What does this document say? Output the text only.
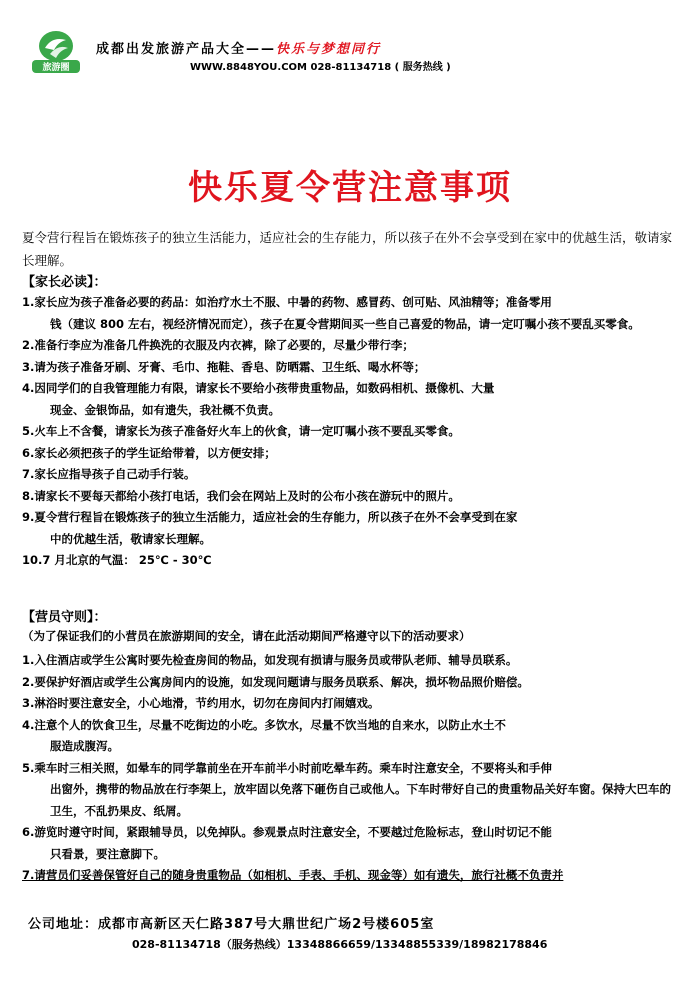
旅游圈
成都出发旅游产品大全——快乐与梦想同行
WWW.8848YOU.COM 028-81134718 ( 服务热线 )
快乐夏令营注意事项
夏令营行程旨在锻炼孩子的独立生活能力，适应社会的生存能力，所以孩子在外不会享受到在家中的优越生活，敬请家长理解。
【家长必读】：
1.家长应为孩子准备必要的药品：如治疗水土不服、中暑的药物、感冒药、创可贴、风油精等；准备零用
钱（建议 800 左右，视经济情况而定），孩子在夏令营期间买一些自己喜爱的物品，请一定叮嘱小孩不要乱买零食。
2.准备行李应为准备几件换洗的衣服及内衣裤，除了必要的，尽量少带行李；
3.请为孩子准备牙刷、牙膏、毛巾、拖鞋、香皂、防晒霜、卫生纸、喝水杯等；
4.因同学们的自我管理能力有限，请家长不要给小孩带贵重物品，如数码相机、摄像机、大量
现金、金银饰品，如有遗失，我社概不负责。
5.火车上不含餐，请家长为孩子准备好火车上的伙食，请一定叮嘱小孩不要乱买零食。
6.家长必须把孩子的学生证给带着，以方便安排；
7.家长应指导孩子自己动手行装。
8.请家长不要每天都给小孩打电话，我们会在网站上及时的公布小孩在游玩中的照片。
9.夏令营行程旨在锻炼孩子的独立生活能力，适应社会的生存能力，所以孩子在外不会享受到在家
中的优越生活，敬请家长理解。
10.7 月北京的气温： 25℃ - 30℃
【营员守则】：
（为了保证我们的小营员在旅游期间的安全，请在此活动期间严格遵守以下的活动要求）
1.入住酒店或学生公寓时要先检查房间的物品，如发现有损请与服务员或带队老师、辅导员联系。
2.要保护好酒店或学生公寓房间内的设施，如发现问题请与服务员联系、解决，损坏物品照价赔偿。
3.淋浴时要注意安全，小心地滑，节约用水，切勿在房间内打闹嬉戏。
4.注意个人的饮食卫生，尽量不吃街边的小吃。多饮水，尽量不饮当地的自来水，以防止水土不
服造成腹泻。
5.乘车时三相关照，如晕车的同学靠前坐在开车前半小时前吃晕车药。乘车时注意安全，不要将头和手伸
出窗外，携带的物品放在行李架上，放牢固以免落下砸伤自己或他人。下车时带好自己的贵重物品关好车窗。保持大巴车的卫生，不乱扔果皮、纸屑。
6.游览时遵守时间，紧跟辅导员，以免掉队。参观景点时注意安全，不要越过危险标志，登山时切记不能
只看景，要注意脚下。
7.请营员们妥善保管好自己的随身贵重物品（如相机、手表、手机、现金等）如有遗失，旅行社概不负责并
公司地址：成都市高新区天仁路387号大鼎世纪广场2号楼605室
028-81134718（服务热线）13348866659/13348855339/18982178846
